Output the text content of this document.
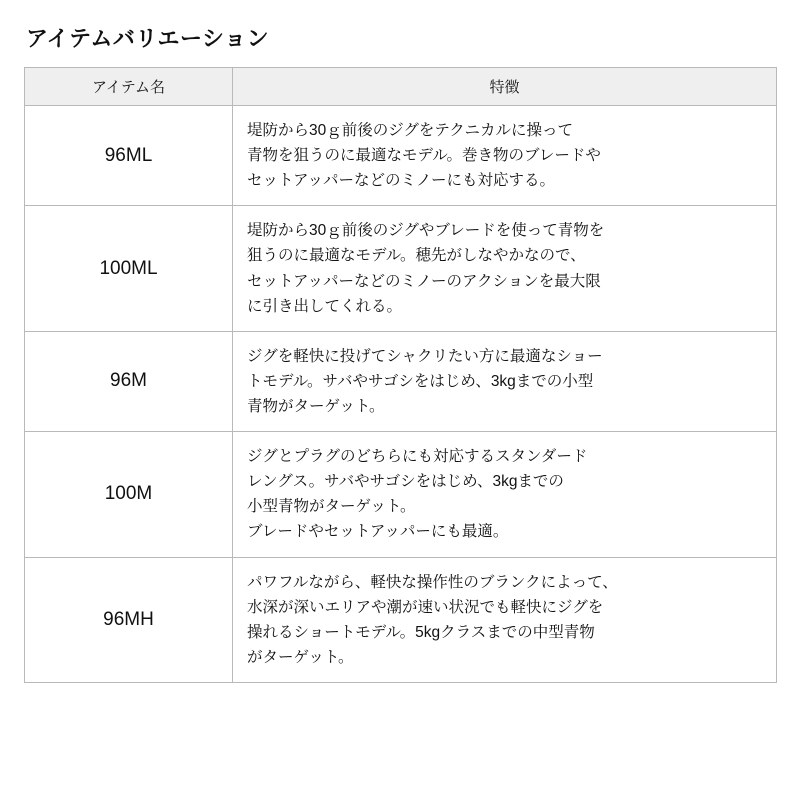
アイテムバリエーション
アイテム名	特徴
96ML	堤防から30ｇ前後のジグをテクニカルに操って
青物を狙うのに最適なモデル。巻き物のブレードや
セットアッパーなどのミノーにも対応する。

100ML	堤防から30ｇ前後のジグやブレードを使って青物を
狙うのに最適なモデル。穂先がしなやかなので、
セットアッパーなどのミノーのアクションを最大限
に引き出してくれる。

96M	ジグを軽快に投げてシャクリたい方に最適なショー
トモデル。サバやサゴシをはじめ、3kgまでの小型
青物がターゲット。

100M	ジグとプラグのどちらにも対応するスタンダード
レングス。サバやサゴシをはじめ、3kgまでの
小型青物がターゲット。
ブレードやセットアッパーにも最適。

96MH	パワフルながら、軽快な操作性のブランクによって、
水深が深いエリアや潮が速い状況でも軽快にジグを
操れるショートモデル。5kgクラスまでの中型青物
がターゲット。
